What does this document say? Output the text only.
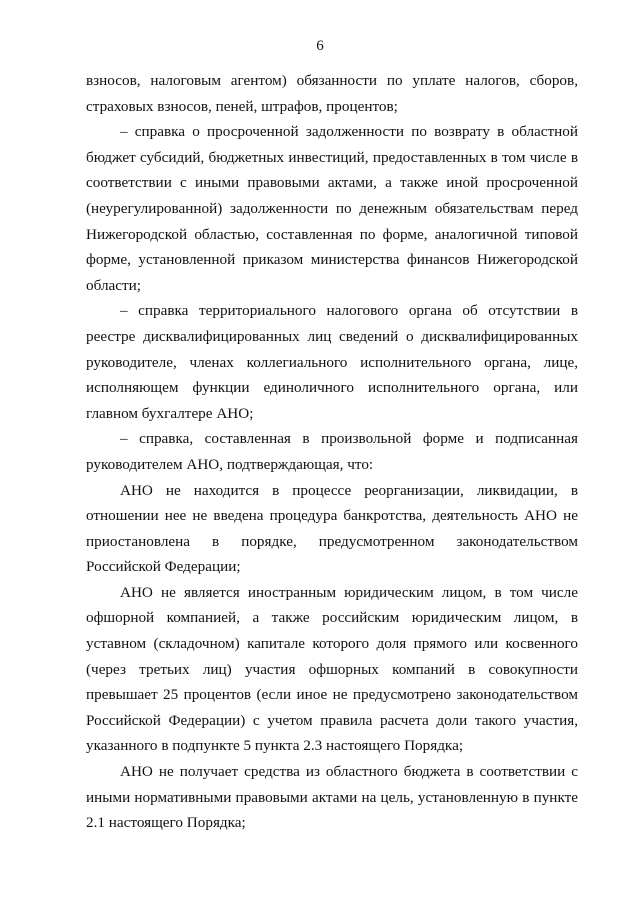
6

взносов, налоговым агентом) обязанности по уплате налогов, сборов, страховых взносов, пеней, штрафов, процентов;

– справка о просроченной задолженности по возврату в областной бюджет субсидий, бюджетных инвестиций, предоставленных в том числе в соответствии с иными правовыми актами, а также иной просроченной (неурегулированной) задолженности по денежным обязательствам перед Нижегородской областью, составленная по форме, аналогичной типовой форме, установленной приказом министерства финансов Нижегородской области;

– справка территориального налогового органа об отсутствии в реестре дисквалифицированных лиц сведений о дисквалифицированных руководителе, членах коллегиального исполнительного органа, лице, исполняющем функции единоличного исполнительного органа, или главном бухгалтере АНО;

– справка, составленная в произвольной форме и подписанная руководителем АНО, подтверждающая, что:

АНО не находится в процессе реорганизации, ликвидации, в отношении нее не введена процедура банкротства, деятельность АНО не приостановлена в порядке, предусмотренном законодательством Российской Федерации;

АНО не является иностранным юридическим лицом, в том числе офшорной компанией, а также российским юридическим лицом, в уставном (складочном) капитале которого доля прямого или косвенного (через третьих лиц) участия офшорных компаний в совокупности превышает 25 процентов (если иное не предусмотрено законодательством Российской Федерации) с учетом правила расчета доли такого участия, указанного в подпункте 5 пункта 2.3 настоящего Порядка;

АНО не получает средства из областного бюджета в соответствии с иными нормативными правовыми актами на цель, установленную в пункте 2.1 настоящего Порядка;
